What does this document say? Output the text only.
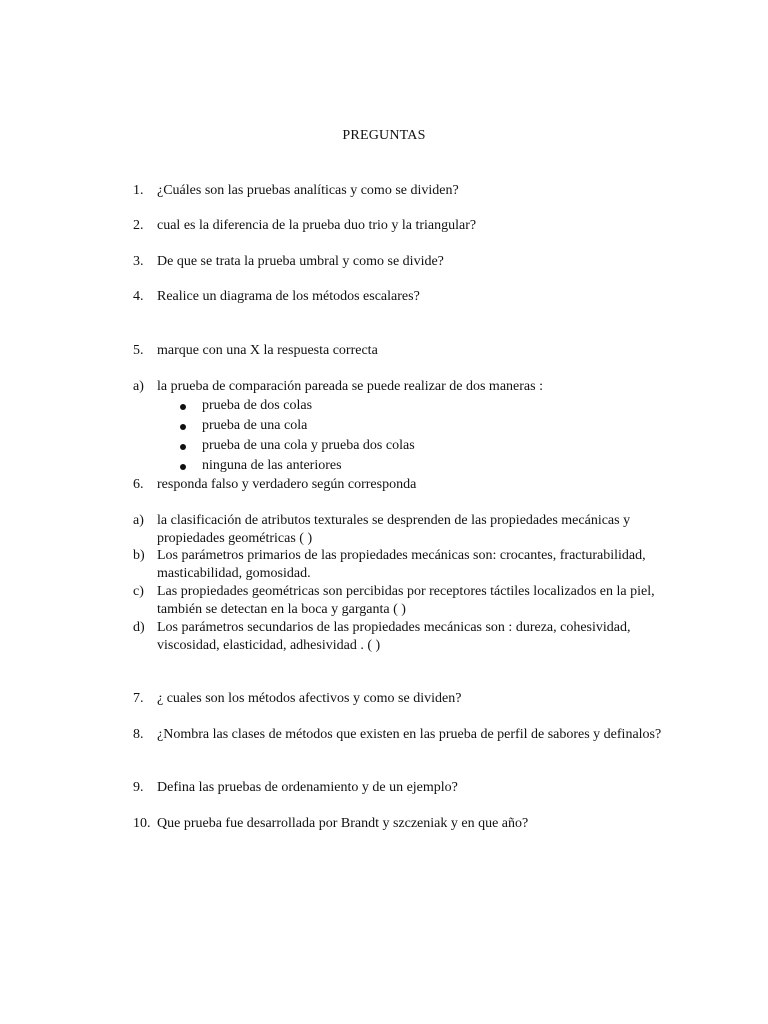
PREGUNTAS
1. ¿Cuáles son las pruebas analíticas y como se dividen?
2. cual es la diferencia de la prueba duo trio y la triangular?
3. De que se trata la prueba umbral y como se divide?
4. Realice un diagrama de los métodos escalares?
5. marque con una X la respuesta correcta
a) la prueba de comparación pareada se puede realizar de dos maneras :
prueba de dos colas
prueba de una cola
prueba de una cola y prueba dos colas
ninguna de las anteriores
6. responda falso y verdadero según corresponda
a) la clasificación de atributos texturales se desprenden de las propiedades mecánicas y propiedades geométricas ( )
b) Los parámetros primarios de las propiedades mecánicas son: crocantes, fracturabilidad, masticabilidad, gomosidad.
c) Las propiedades geométricas son percibidas por receptores táctiles localizados en la piel, también se detectan en la boca y garganta ( )
d) Los parámetros secundarios de las propiedades mecánicas son : dureza, cohesividad, viscosidad, elasticidad, adhesividad . ( )
7. ¿ cuales son los métodos afectivos y como se dividen?
8. ¿Nombra las clases de métodos que existen en las prueba de perfil de sabores y definalos?
9. Defina las pruebas de ordenamiento y de un ejemplo?
10. Que prueba fue desarrollada por Brandt y szczeniak y en que año?
